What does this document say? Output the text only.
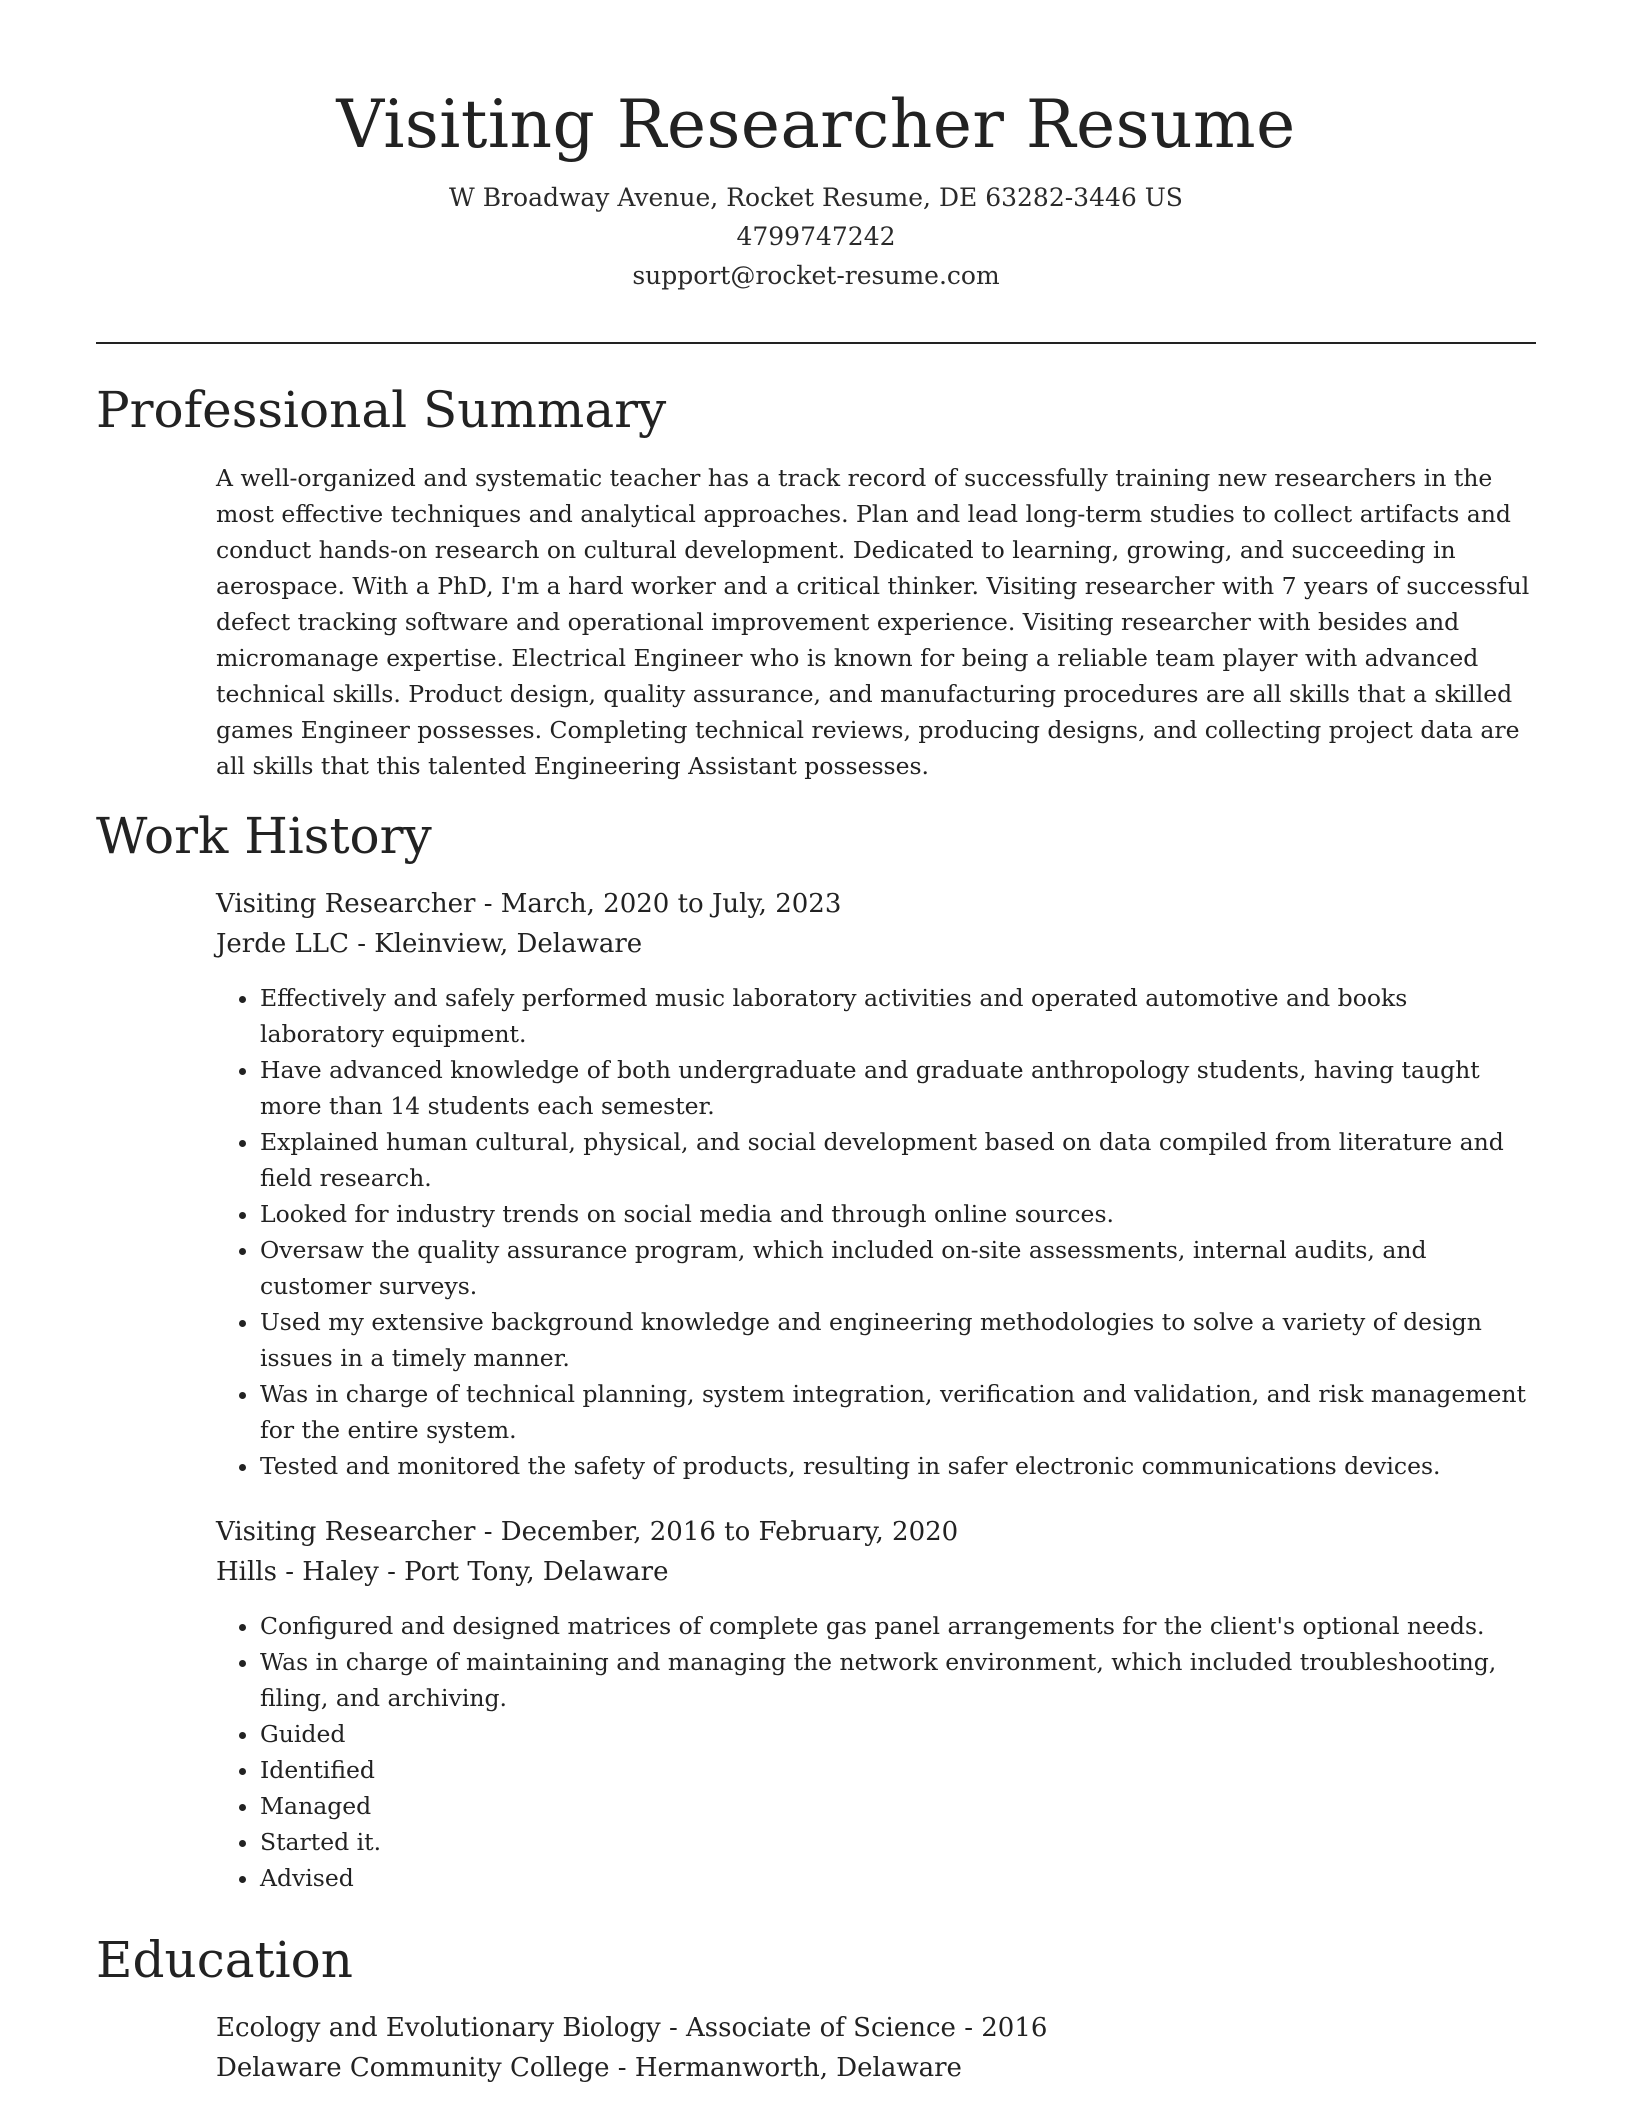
Visiting Researcher Resume

W Broadway Avenue, Rocket Resume, DE 63282-3446 US

4799747242

support@rocket-resume.com

Professional Summary

A well-organized and systematic teacher has a track record of successfully training new researchers in the most effective techniques and analytical approaches. Plan and lead long-term studies to collect artifacts and conduct hands-on research on cultural development. Dedicated to learning, growing, and succeeding in aerospace. With a PhD, I'm a hard worker and a critical thinker. Visiting researcher with 7 years of successful defect tracking software and operational improvement experience. Visiting researcher with besides and micromanage expertise. Electrical Engineer who is known for being a reliable team player with advanced technical skills. Product design, quality assurance, and manufacturing procedures are all skills that a skilled games Engineer possesses. Completing technical reviews, producing designs, and collecting project data are all skills that this talented Engineering Assistant possesses.

Work History

Visiting Researcher - March, 2020 to July, 2023

Jerde LLC - Kleinview, Delaware

• Effectively and safely performed music laboratory activities and operated automotive and books laboratory equipment.
• Have advanced knowledge of both undergraduate and graduate anthropology students, having taught more than 14 students each semester.
• Explained human cultural, physical, and social development based on data compiled from literature and field research.
• Looked for industry trends on social media and through online sources.
• Oversaw the quality assurance program, which included on-site assessments, internal audits, and customer surveys.
• Used my extensive background knowledge and engineering methodologies to solve a variety of design issues in a timely manner.
• Was in charge of technical planning, system integration, verification and validation, and risk management for the entire system.
• Tested and monitored the safety of products, resulting in safer electronic communications devices.

Visiting Researcher - December, 2016 to February, 2020

Hills - Haley - Port Tony, Delaware

• Configured and designed matrices of complete gas panel arrangements for the client's optional needs.
• Was in charge of maintaining and managing the network environment, which included troubleshooting, filing, and archiving.
• Guided
• Identified
• Managed
• Started it.
• Advised
Education

Ecology and Evolutionary Biology - Associate of Science - 2016

Delaware Community College - Hermanworth, Delaware
